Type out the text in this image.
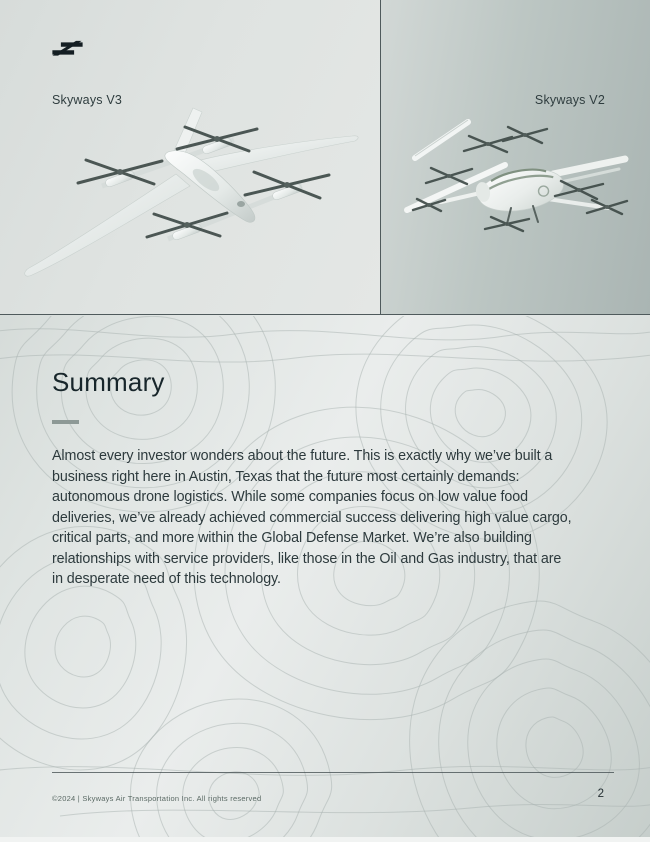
Skyways V3	Skyways V2
Summary
Almost every investor wonders about the future. This is exactly why we’ve built a
business right here in Austin, Texas that the future most certainly demands:
autonomous drone logistics. While some companies focus on low value food
deliveries, we’ve already achieved commercial success delivering high value cargo,
critical parts, and more within the Global Defense Market. We’re also building
relationships with service providers, like those in the Oil and Gas industry, that are
in desperate need of this technology.
©2024 | Skyways Air Transportation Inc. All rights reserved	2
